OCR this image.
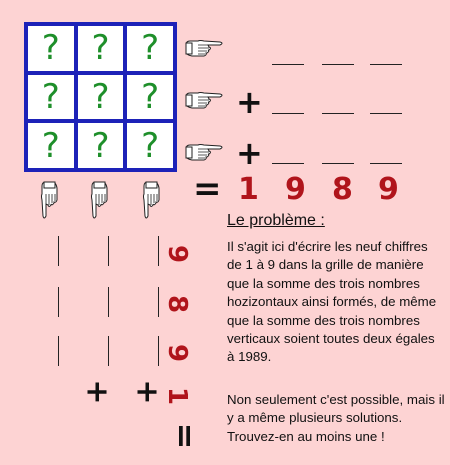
? ? ?
? ? ?
? ? ?
+
+
= 1 9 8 9
+ +
9
8
9
1
=
Le problème :
Il s'agit ici d'écrire les neuf chiffres
de 1 à 9 dans la grille de manière
que la somme des trois nombres
hozizontaux ainsi formés, de même
que la somme des trois nombres
verticaux soient toutes deux égales
à 1989.
Non seulement c'est possible, mais il
y a même plusieurs solutions.
Trouvez-en au moins une !
